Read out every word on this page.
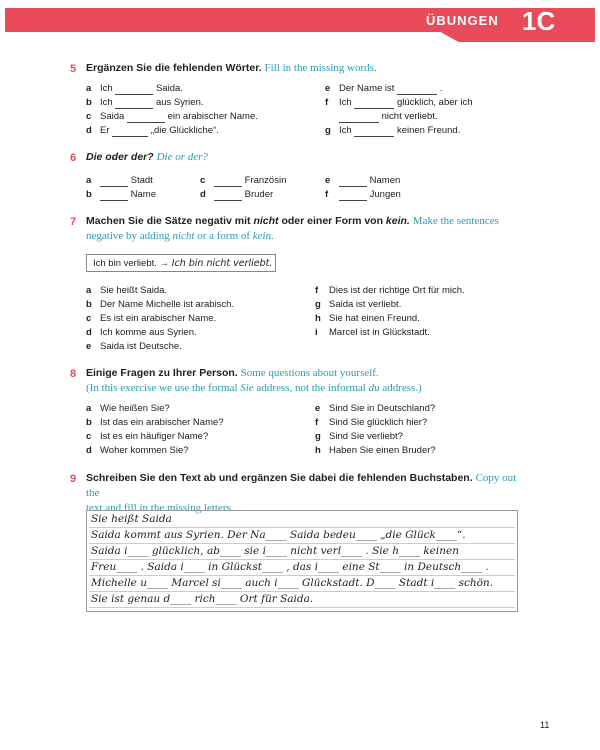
ÜBUNGEN 1C
5 Ergänzen Sie die fehlenden Wörter. Fill in the missing words.
a Ich	Saida.
b Ich	aus Syrien.
c Saida	ein arabischer Name.
d Er	„die Glückliche“.
e Der Name ist	.
f Ich	glücklich, aber ich
nicht verliebt.
g Ich	keinen Freund.
6 Die oder der? Die or der?
a	Stadt	c	Französin	e	Namen
b	Name	d	Bruder	f	Jungen
7 Machen Sie die Sätze negativ mit nicht oder einer Form von kein. Make the sentences
negative by adding nicht or a form of kein.
Ich bin verliebt. → Ich bin nicht verliebt.
a Sie heißt Saida.
b Der Name Michelle ist arabisch.
c Es ist ein arabischer Name.
d Ich komme aus Syrien.
e Saida ist Deutsche.
f Dies ist der richtige Ort für mich.
g Saida ist verliebt.
h Sie hat einen Freund.
i Marcel ist in Glückstadt.
8 Einige Fragen zu Ihrer Person. Some questions about yourself.
(In this exercise we use the formal Sie address, not the informal du address.)
a Wie heißen Sie?
b Ist das ein arabischer Name?
c Ist es ein häufiger Name?
d Woher kommen Sie?
e Sind Sie in Deutschland?
f Sind Sie glücklich hier?
g Sind Sie verliebt?
h Haben Sie einen Bruder?
9 Schreiben Sie den Text ab und ergänzen Sie dabei die fehlenden Buchstaben. Copy out the
text and fill in the missing letters.
Sie heißt Saida
Saida kommt aus Syrien. Der Na____ Saida bedeu____ „die Glück____“.
Saida i____ glücklich, ab____ sie i____ nicht verl____ . Sie h____ keinen
Freu____ . Saida i____ in Glückst____ , das i____ eine St____ in Deutsch____ .
Michelle u____ Marcel si____ auch i____ Glückstadt. D____ Stadt i____ schön.
Sie ist genau d____ rich____ Ort für Saida.
11
